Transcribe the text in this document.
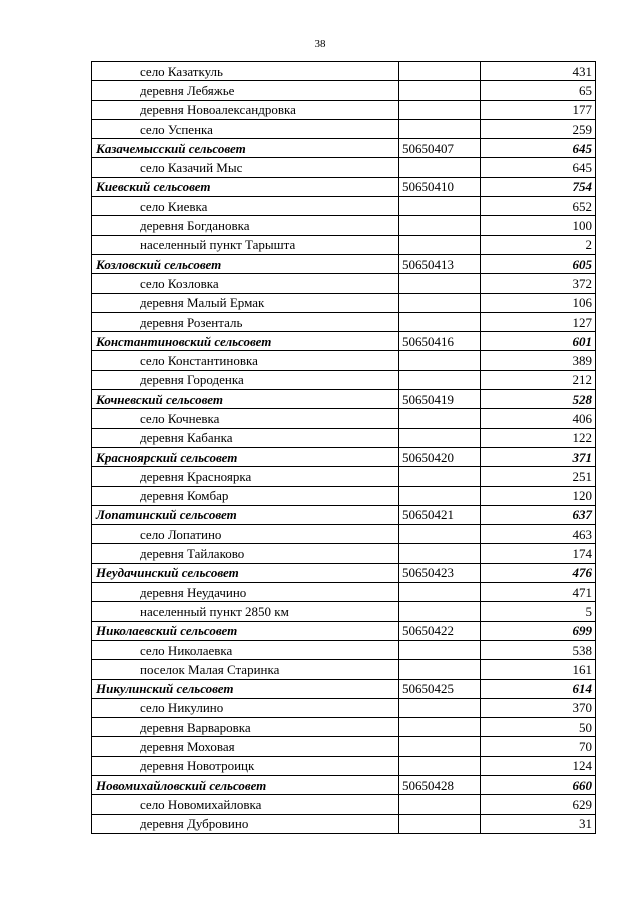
38
село Казаткуль		431
деревня Лебяжье		65
деревня Новоалександровка		177
село Успенка		259
Казачемысский сельсовет	50650407	645
село Казачий Мыс		645
Киевский сельсовет	50650410	754
село Киевка		652
деревня Богдановка		100
населенный пункт Тарышта		2
Козловский сельсовет	50650413	605
село Козловка		372
деревня Малый Ермак		106
деревня Розенталь		127
Константиновский сельсовет	50650416	601
село Константиновка		389
деревня Городенка		212
Кочневский сельсовет	50650419	528
село Кочневка		406
деревня Кабанка		122
Красноярский сельсовет	50650420	371
деревня Красноярка		251
деревня Комбар		120
Лопатинский сельсовет	50650421	637
село Лопатино		463
деревня Тайлаково		174
Неудачинский сельсовет	50650423	476
деревня Неудачино		471
населенный пункт 2850 км		5
Николаевский сельсовет	50650422	699
село Николаевка		538
поселок Малая Старинка		161
Никулинский сельсовет	50650425	614
село Никулино		370
деревня Варваровка		50
деревня Моховая		70
деревня Новотроицк		124
Новомихайловский сельсовет	50650428	660
село Новомихайловка		629
деревня Дубровино		31
